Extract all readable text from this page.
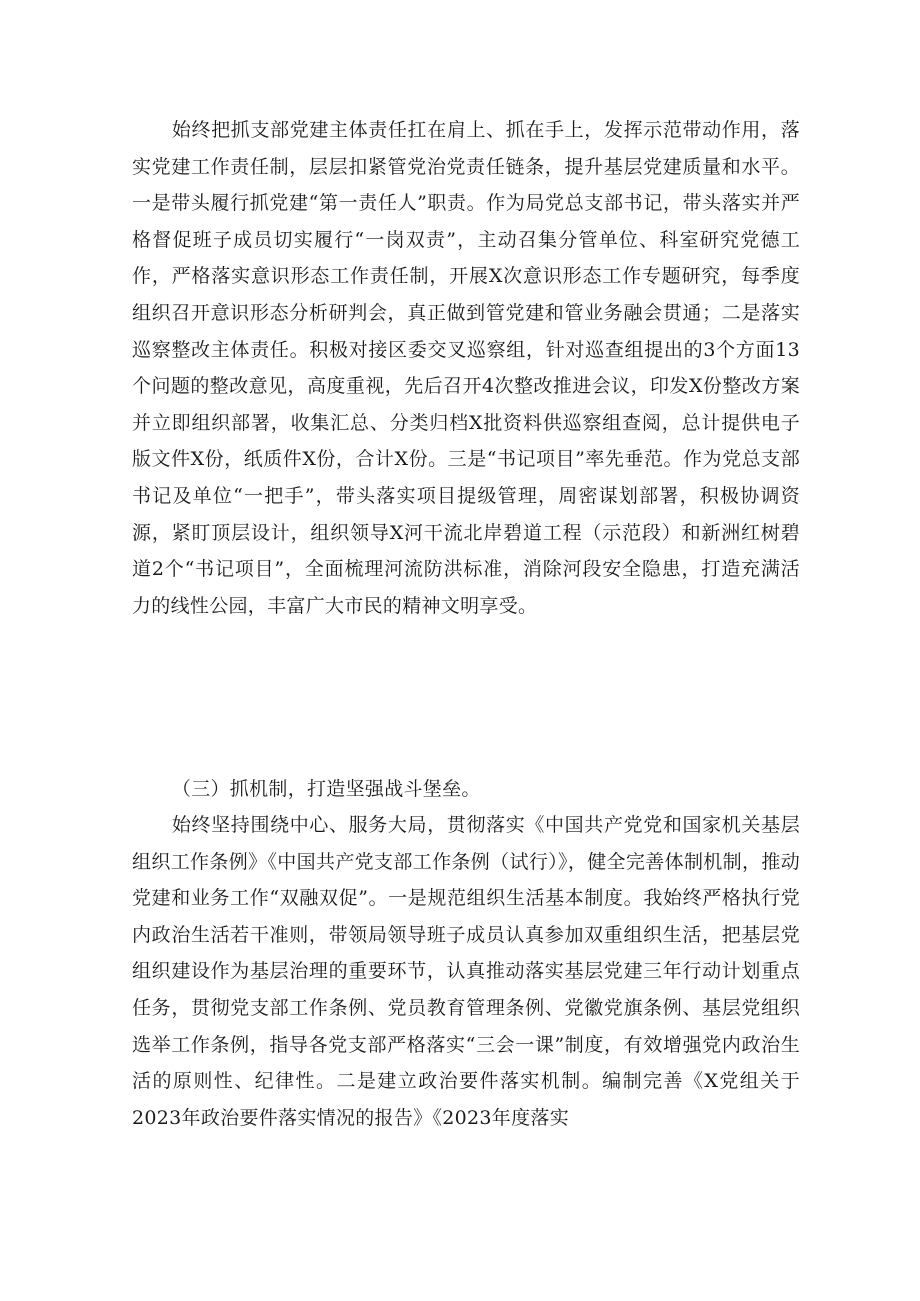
始终把抓支部党建主体责任扛在肩上、抓在手上，发挥示范带动作用，落实党建工作责任制，层层扣紧管党治党责任链条，提升基层党建质量和水平。一是带头履行抓党建“第一责任人”职责。作为局党总支部书记，带头落实并严格督促班子成员切实履行“一岗双责”，主动召集分管单位、科室研究党德工作，严格落实意识形态工作责任制，开展X次意识形态工作专题研究，每季度组织召开意识形态分析研判会，真正做到管党建和管业务融会贯通；二是落实巡察整改主体责任。积极对接区委交叉巡察组，针对巡查组提出的3个方面13个问题的整改意见，高度重视，先后召开4次整改推进会议，印发X份整改方案并立即组织部署，收集汇总、分类归档X批资料供巡察组查阅，总计提供电子版文件X份，纸质件X份，合计X份。三是“书记项目”率先垂范。作为党总支部书记及单位“一把手”，带头落实项目提级管理，周密谋划部署，积极协调资源，紧盯顶层设计，组织领导X河干流北岸碧道工程（示范段）和新洲红树碧道2个“书记项目”，全面梳理河流防洪标准，消除河段安全隐患，打造充满活力的线性公园，丰富广大市民的精神文明享受。

（三）抓机制，打造坚强战斗堡垒。

始终坚持围绕中心、服务大局，贯彻落实《中国共产党党和国家机关基层组织工作条例》《中国共产党支部工作条例（试行）》，健全完善体制机制，推动党建和业务工作“双融双促”。一是规范组织生活基本制度。我始终严格执行党内政治生活若干准则，带领局领导班子成员认真参加双重组织生活，把基层党组织建设作为基层治理的重要环节，认真推动落实基层党建三年行动计划重点任务，贯彻党支部工作条例、党员教育管理条例、党徽党旗条例、基层党组织选举工作条例，指导各党支部严格落实“三会一课”制度，有效增强党内政治生活的原则性、纪律性。二是建立政治要件落实机制。编制完善《X党组关于2023年政治要件落实情况的报告》《2023年度落实
